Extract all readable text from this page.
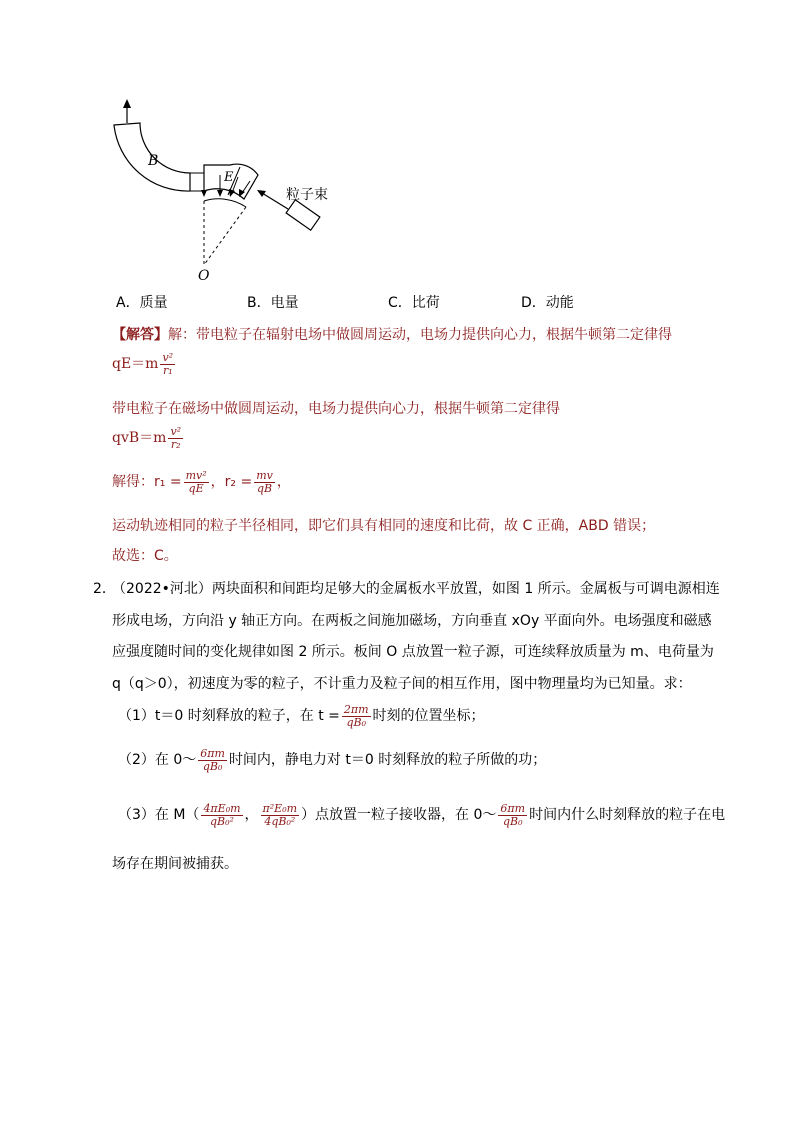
B
E
O
粒子束
A．质量	B．电量	C．比荷	D．动能
【解答】解：带电粒子在辐射电场中做圆周运动，电场力提供向心力，根据牛顿第二定律得
$qE=m \frac{\text{v²}}{\text{r₁}}$
带电粒子在磁场中做圆周运动，电场力提供向心力，根据牛顿第二定律得
$qvB=m \frac{\text{v²}}{\text{r₂}}$
解得：$r_1 = \frac{\text{mv²}}{qE}$ ，$r_2 = \frac{mv}{qB}$ ，
运动轨迹相同的粒子半径相同，即它们具有相同的速度和比荷，故 C 正确，ABD 错误；
故选：C。
2．
（2022•河北）两块面积和间距均足够大的金属板水平放置，如图 1 所示。金属板与可调电源相连
形成电场，方向沿 y 轴正方向。在两板之间施加磁场，方向垂直 xOy 平面向外。电场强度和磁感
应强度随时间的变化规律如图 2 所示。板间 O 点放置一粒子源，可连续释放质量为 m、电荷量为
q（q＞0），初速度为零的粒子，不计重力及粒子间的相互作用，图中物理量均为已知量。求：
（1）t＝0 时刻释放的粒子，在 $t = \frac{2\pi m}{\text{qB₀}}$ 时刻的位置坐标；
（2）在 0～ $\frac{6\pi m}{\text{qB₀}}$ 时间内，静电力对 t＝0 时刻释放的粒子所做的功；
（3）在 $M( \frac{\text{4πE₀m}}{\text{qB₀²}}$ ， $\frac{\text{π²E₀m}}{\text{4qB₀²}}$ ）点放置一粒子接收器，在 0～ $\frac{6\pi m}{\text{qB₀}}$ 时间内什么时刻释放的粒子在电
场存在期间被捕获。
